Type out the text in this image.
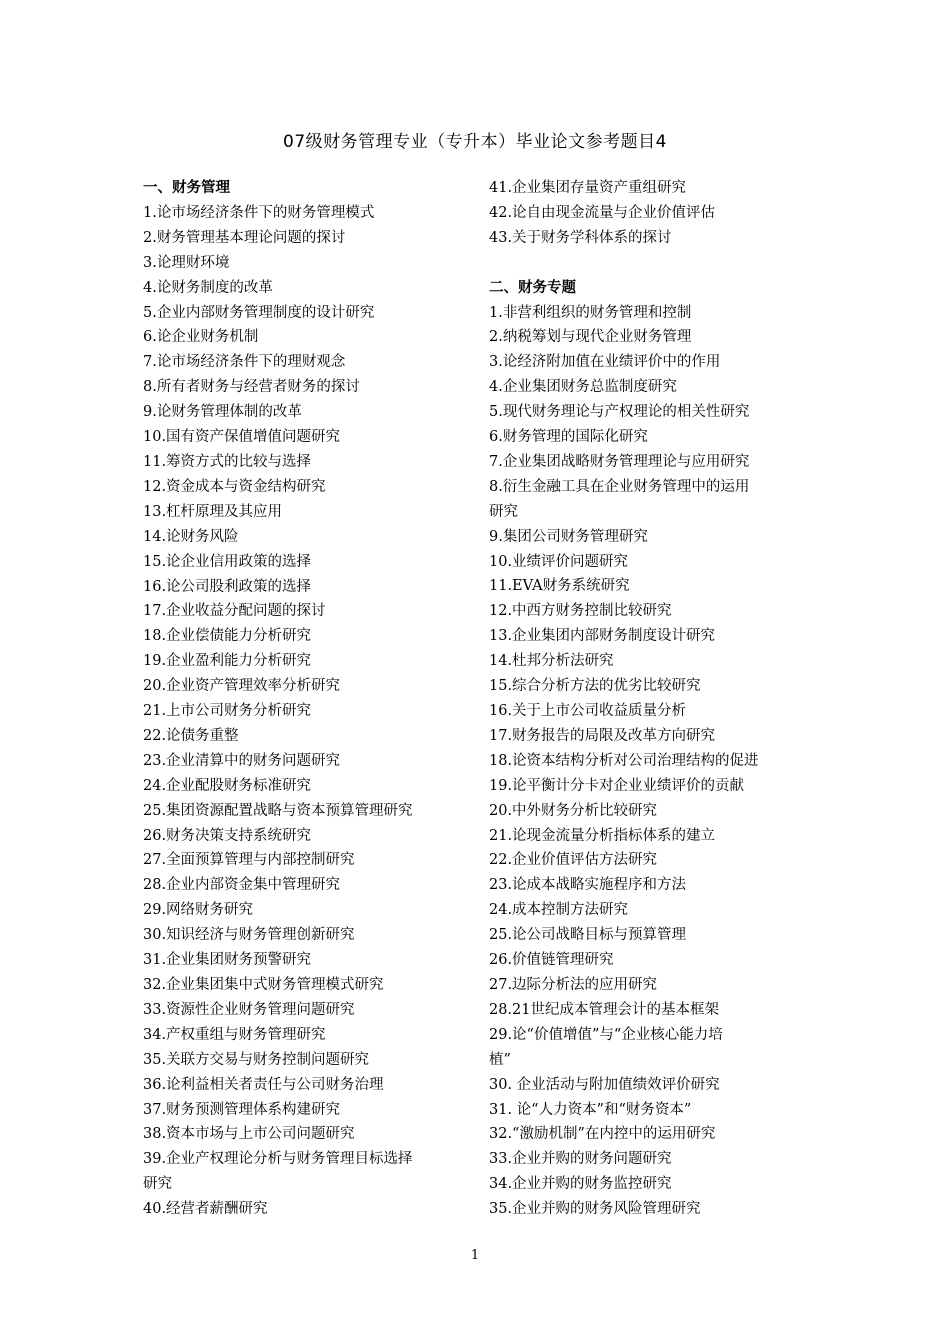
07级财务管理专业（专升本）毕业论文参考题目4
一、财务管理
1.论市场经济条件下的财务管理模式
2.财务管理基本理论问题的探讨
3.论理财环境
4.论财务制度的改革
5.企业内部财务管理制度的设计研究
6.论企业财务机制
7.论市场经济条件下的理财观念
8.所有者财务与经营者财务的探讨
9.论财务管理体制的改革
10.国有资产保值增值问题研究
11.筹资方式的比较与选择
12.资金成本与资金结构研究
13.杠杆原理及其应用
14.论财务风险
15.论企业信用政策的选择
16.论公司股利政策的选择
17.企业收益分配问题的探讨
18.企业偿债能力分析研究
19.企业盈利能力分析研究
20.企业资产管理效率分析研究
21.上市公司财务分析研究
22.论债务重整
23.企业清算中的财务问题研究
24.企业配股财务标准研究
25.集团资源配置战略与资本预算管理研究
26.财务决策支持系统研究
27.全面预算管理与内部控制研究
28.企业内部资金集中管理研究
29.网络财务研究
30.知识经济与财务管理创新研究
31.企业集团财务预警研究
32.企业集团集中式财务管理模式研究
33.资源性企业财务管理问题研究
34.产权重组与财务管理研究
35.关联方交易与财务控制问题研究
36.论利益相关者责任与公司财务治理
37.财务预测管理体系构建研究
38.资本市场与上市公司问题研究
39.企业产权理论分析与财务管理目标选择
研究
40.经营者薪酬研究
41.企业集团存量资产重组研究
42.论自由现金流量与企业价值评估
43.关于财务学科体系的探讨
二、财务专题
1.非营利组织的财务管理和控制
2.纳税筹划与现代企业财务管理
3.论经济附加值在业绩评价中的作用
4.企业集团财务总监制度研究
5.现代财务理论与产权理论的相关性研究
6.财务管理的国际化研究
7.企业集团战略财务管理理论与应用研究
8.衍生金融工具在企业财务管理中的运用
研究
9.集团公司财务管理研究
10.业绩评价问题研究
11.EVA财务系统研究
12.中西方财务控制比较研究
13.企业集团内部财务制度设计研究
14.杜邦分析法研究
15.综合分析方法的优劣比较研究
16.关于上市公司收益质量分析
17.财务报告的局限及改革方向研究
18.论资本结构分析对公司治理结构的促进
19.论平衡计分卡对企业业绩评价的贡献
20.中外财务分析比较研究
21.论现金流量分析指标体系的建立
22.企业价值评估方法研究
23.论成本战略实施程序和方法
24.成本控制方法研究
25.论公司战略目标与预算管理
26.价值链管理研究
27.边际分析法的应用研究
28.21世纪成本管理会计的基本框架
29.论“价值增值”与“企业核心能力培
植”
30. 企业活动与附加值绩效评价研究
31. 论“人力资本”和“财务资本”
32.“激励机制”在内控中的运用研究
33.企业并购的财务问题研究
34.企业并购的财务监控研究
35.企业并购的财务风险管理研究
1
